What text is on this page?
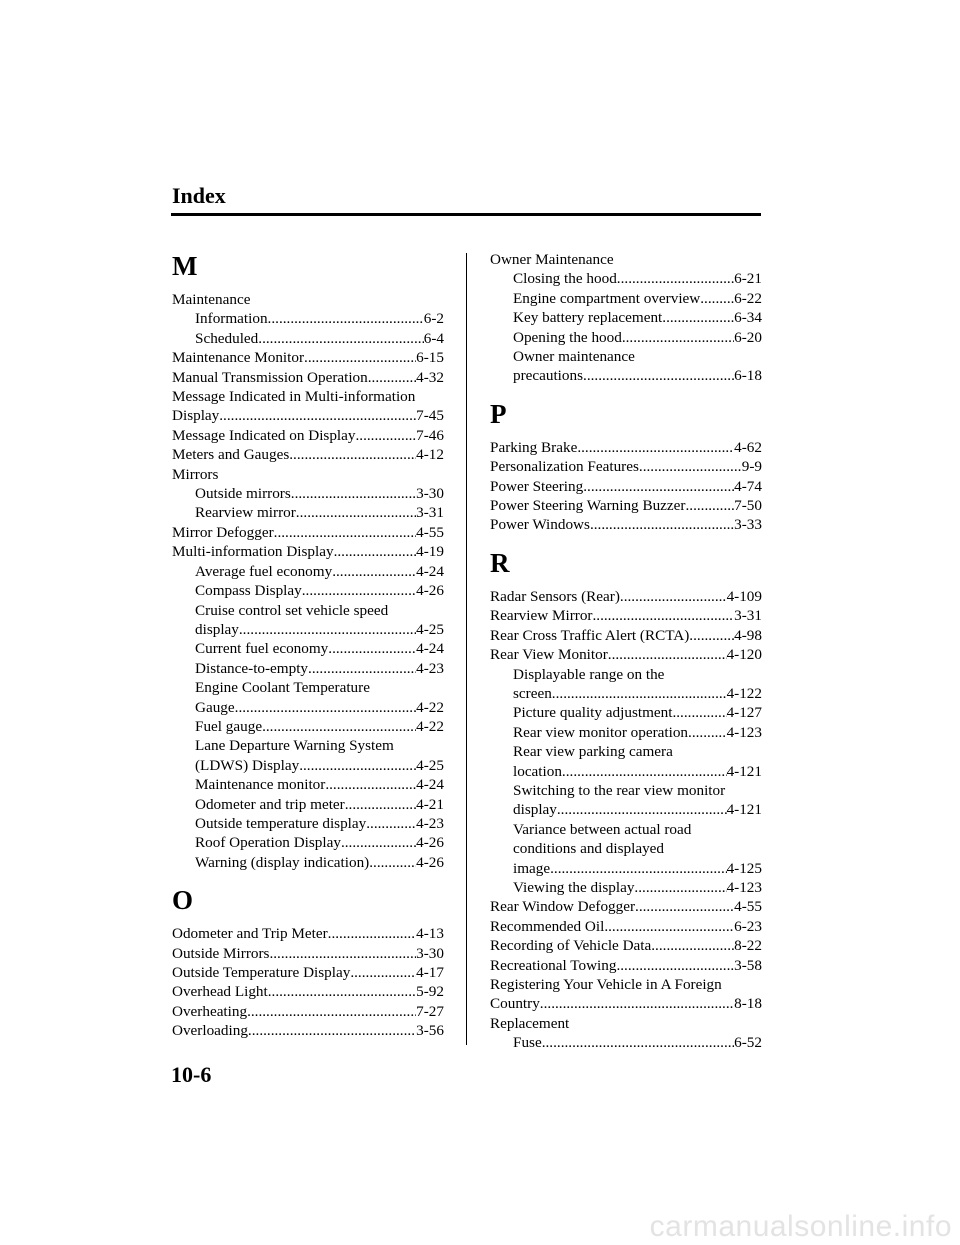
Index
M
Maintenance
Information .....	6-2
Scheduled .....	6-4
Maintenance Monitor .....	6-15
Manual Transmission Operation .....	4-32
Message Indicated in Multi-information
Display .....	7-45
Message Indicated on Display .....	7-46
Meters and Gauges .....	4-12
Mirrors
Outside mirrors .....	3-30
Rearview mirror .....	3-31
Mirror Defogger .....	4-55
Multi-information Display .....	4-19
Average fuel economy .....	4-24
Compass Display .....	4-26
Cruise control set vehicle speed
display .....	4-25
Current fuel economy .....	4-24
Distance-to-empty .....	4-23
Engine Coolant Temperature
Gauge .....	4-22
Fuel gauge .....	4-22
Lane Departure Warning System
(LDWS) Display .....	4-25
Maintenance monitor .....	4-24
Odometer and trip meter .....	4-21
Outside temperature display .....	4-23
Roof Operation Display .....	4-26
Warning (display indication) .....	4-26
O
Odometer and Trip Meter .....	4-13
Outside Mirrors .....	3-30
Outside Temperature Display .....	4-17
Overhead Light .....	5-92
Overheating .....	7-27
Overloading .....	3-56
Owner Maintenance
Closing the hood .....	6-21
Engine compartment overview ..... 6-22
Key battery replacement .....	6-34
Opening the hood .....	6-20
Owner maintenance
precautions .....	6-18
P
Parking Brake .....	4-62
Personalization Features .....	9-9
Power Steering .....	4-74
Power Steering Warning Buzzer .....	7-50
Power Windows .....	3-33
R
Radar Sensors (Rear) .....	4-109
Rearview Mirror .....	3-31
Rear Cross Traffic Alert (RCTA) .....	4-98
Rear View Monitor .....	4-120
Displayable range on the
screen .....	4-122
Picture quality adjustment .....	4-127
Rear view monitor operation .....	4-123
Rear view parking camera
location .....	4-121
Switching to the rear view monitor
display .....	4-121
Variance between actual road
conditions and displayed
image .....	4-125
Viewing the display .....	4-123
Rear Window Defogger .....	4-55
Recommended Oil .....	6-23
Recording of Vehicle Data .....	8-22
Recreational Towing .....	3-58
Registering Your Vehicle in A Foreign
Country .....	8-18
Replacement
Fuse .....	6-52
10-6
carmanualsonline.info
